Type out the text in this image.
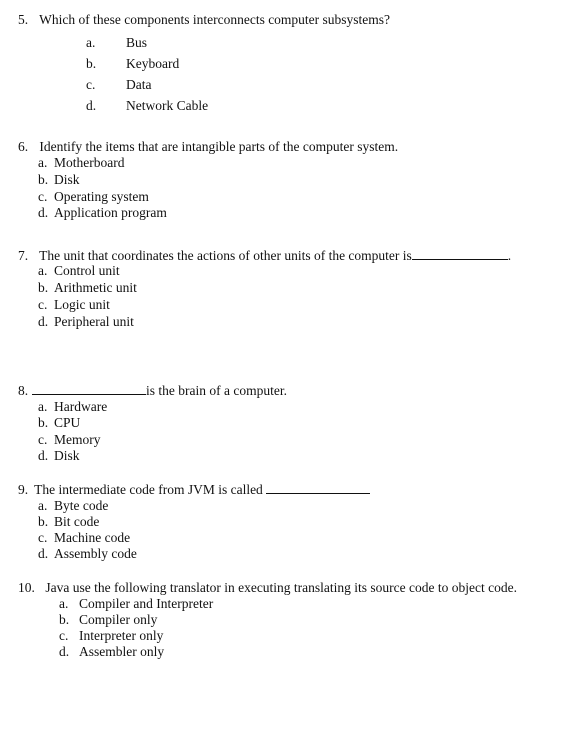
5. Which of these components interconnects computer subsystems?
a. Bus
b. Keyboard
c. Data
d. Network Cable
6. Identify the items that are intangible parts of the computer system.
a. Motherboard
b. Disk
c. Operating system
d. Application program
7. The unit that coordinates the actions of other units of the computer is	.
a. Control unit
b. Arithmetic unit
c. Logic unit
d. Peripheral unit
8.	is the brain of a computer.
a. Hardware
b. CPU
c. Memory
d. Disk
9. The intermediate code from JVM is called
a. Byte code
b. Bit code
c. Machine code
d. Assembly code
10. Java use the following translator in executing translating its source code to object code.
a. Compiler and Interpreter
b. Compiler only
c. Interpreter only
d. Assembler only
